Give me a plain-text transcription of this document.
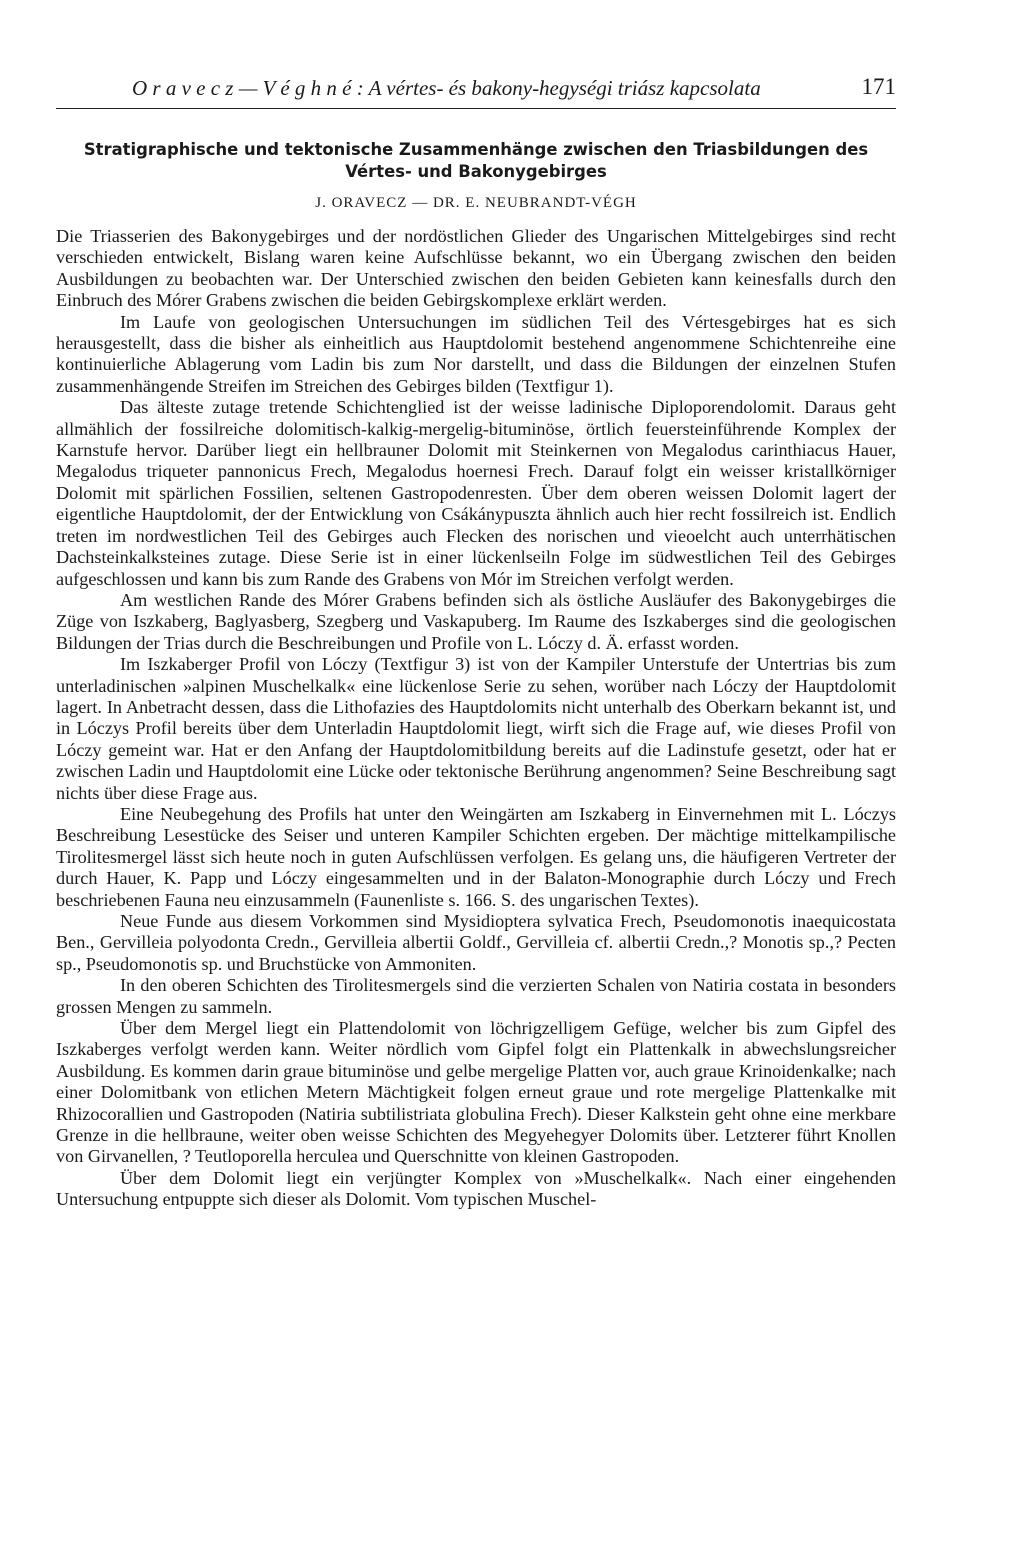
O r a v e c z — V é g h n é : A vértes- és bakony-hegységi triász kapcsolata	171
Stratigraphische und tektonische Zusammenhänge zwischen den Triasbildungen des
Vértes- und Bakonygebirges
J. ORAVECZ — DR. E. NEUBRANDT-VÉGH

Die Triasserien des Bakonygebirges und der nordöstlichen Glieder des Ungarischen Mittelgebirges sind recht verschieden entwickelt, Bislang waren keine Aufschlüsse bekannt, wo ein Übergang zwischen den beiden Ausbildungen zu beobachten war. Der Unterschied zwischen den beiden Gebieten kann keinesfalls durch den Einbruch des Mórer Grabens zwischen die beiden Gebirgskomplexe erklärt werden.

Im Laufe von geologischen Untersuchungen im südlichen Teil des Vértesgebirges hat es sich herausgestellt, dass die bisher als einheitlich aus Hauptdolomit bestehend angenommene Schichtenreihe eine kontinuierliche Ablagerung vom Ladin bis zum Nor darstellt, und dass die Bildungen der einzelnen Stufen zusammenhängende Streifen im Streichen des Gebirges bilden (Textfigur 1).

Das älteste zutage tretende Schichtenglied ist der weisse ladinische Diploporendolomit. Daraus geht allmählich der fossilreiche dolomitisch-kalkig-mergelig-bituminöse, örtlich feuersteinführende Komplex der Karnstufe hervor. Darüber liegt ein hellbrauner Dolomit mit Steinkernen von Megalodus carinthiacus Hauer, Megalodus triqueter pannonicus Frech, Megalodus hoernesi Frech. Darauf folgt ein weisser kristallkörniger Dolomit mit spärlichen Fossilien, seltenen Gastropodenresten. Über dem oberen weissen Dolomit lagert der eigentliche Hauptdolomit, der der Entwicklung von Csákánypuszta ähnlich auch hier recht fossilreich ist. Endlich treten im nordwestlichen Teil des Gebirges auch Flecken des norischen und vieoelcht auch unterrhätischen Dachsteinkalksteines zutage. Diese Serie ist in einer lückenlseiln Folge im südwestlichen Teil des Gebirges aufgeschlossen und kann bis zum Rande des Grabens von Mór im Streichen verfolgt werden.

Am westlichen Rande des Mórer Grabens befinden sich als östliche Ausläufer des Bakonygebirges die Züge von Iszkaberg, Baglyasberg, Szegberg und Vaskapuberg. Im Raume des Iszkaberges sind die geologischen Bildungen der Trias durch die Beschreibungen und Profile von L. Lóczy d. Ä. erfasst worden.

Im Iszkaberger Profil von Lóczy (Textfigur 3) ist von der Kampiler Unterstufe der Untertrias bis zum unterladinischen »alpinen Muschelkalk« eine lückenlose Serie zu sehen, worüber nach Lóczy der Hauptdolomit lagert. In Anbetracht dessen, dass die Lithofazies des Hauptdolomits nicht unterhalb des Oberkarn bekannt ist, und in Lóczys Profil bereits über dem Unterladin Hauptdolomit liegt, wirft sich die Frage auf, wie dieses Profil von Lóczy gemeint war. Hat er den Anfang der Hauptdolomitbildung bereits auf die Ladinstufe gesetzt, oder hat er zwischen Ladin und Hauptdolomit eine Lücke oder tektonische Berührung angenommen? Seine Beschreibung sagt nichts über diese Frage aus.

Eine Neubegehung des Profils hat unter den Weingärten am Iszkaberg in Einvernehmen mit L. Lóczys Beschreibung Lesestücke des Seiser und unteren Kampiler Schichten ergeben. Der mächtige mittelkampilische Tirolitesmergel lässt sich heute noch in guten Aufschlüssen verfolgen. Es gelang uns, die häufigeren Vertreter der durch Hauer, K. Papp und Lóczy eingesammelten und in der Balaton-Monographie durch Lóczy und Frech beschriebenen Fauna neu einzusammeln (Faunenliste s. 166. S. des ungarischen Textes).

Neue Funde aus diesem Vorkommen sind Mysidioptera sylvatica Frech, Pseudomonotis inaequicostata Ben., Gervilleia polyodonta Credn., Gervilleia albertii Goldf., Gervilleia cf. albertii Credn.,? Monotis sp.,? Pecten sp., Pseudomonotis sp. und Bruchstücke von Ammoniten.

In den oberen Schichten des Tirolitesmergels sind die verzierten Schalen von Natiria costata in besonders grossen Mengen zu sammeln.

Über dem Mergel liegt ein Plattendolomit von löchrigzelligem Gefüge, welcher bis zum Gipfel des Iszkaberges verfolgt werden kann. Weiter nördlich vom Gipfel folgt ein Plattenkalk in abwechslungsreicher Ausbildung. Es kommen darin graue bituminöse und gelbe mergelige Platten vor, auch graue Krinoidenkalke; nach einer Dolomitbank von etlichen Metern Mächtigkeit folgen erneut graue und rote mergelige Plattenkalke mit Rhizocorallien und Gastropoden (Natiria subtilistriata globulina Frech). Dieser Kalkstein geht ohne eine merkbare Grenze in die hellbraune, weiter oben weisse Schichten des Megyehegyer Dolomits über. Letzterer führt Knollen von Girvanellen, ? Teutloporella herculea und Querschnitte von kleinen Gastropoden.

Über dem Dolomit liegt ein verjüngter Komplex von »Muschelkalk«. Nach einer eingehenden Untersuchung entpuppte sich dieser als Dolomit. Vom typischen Muschel-
